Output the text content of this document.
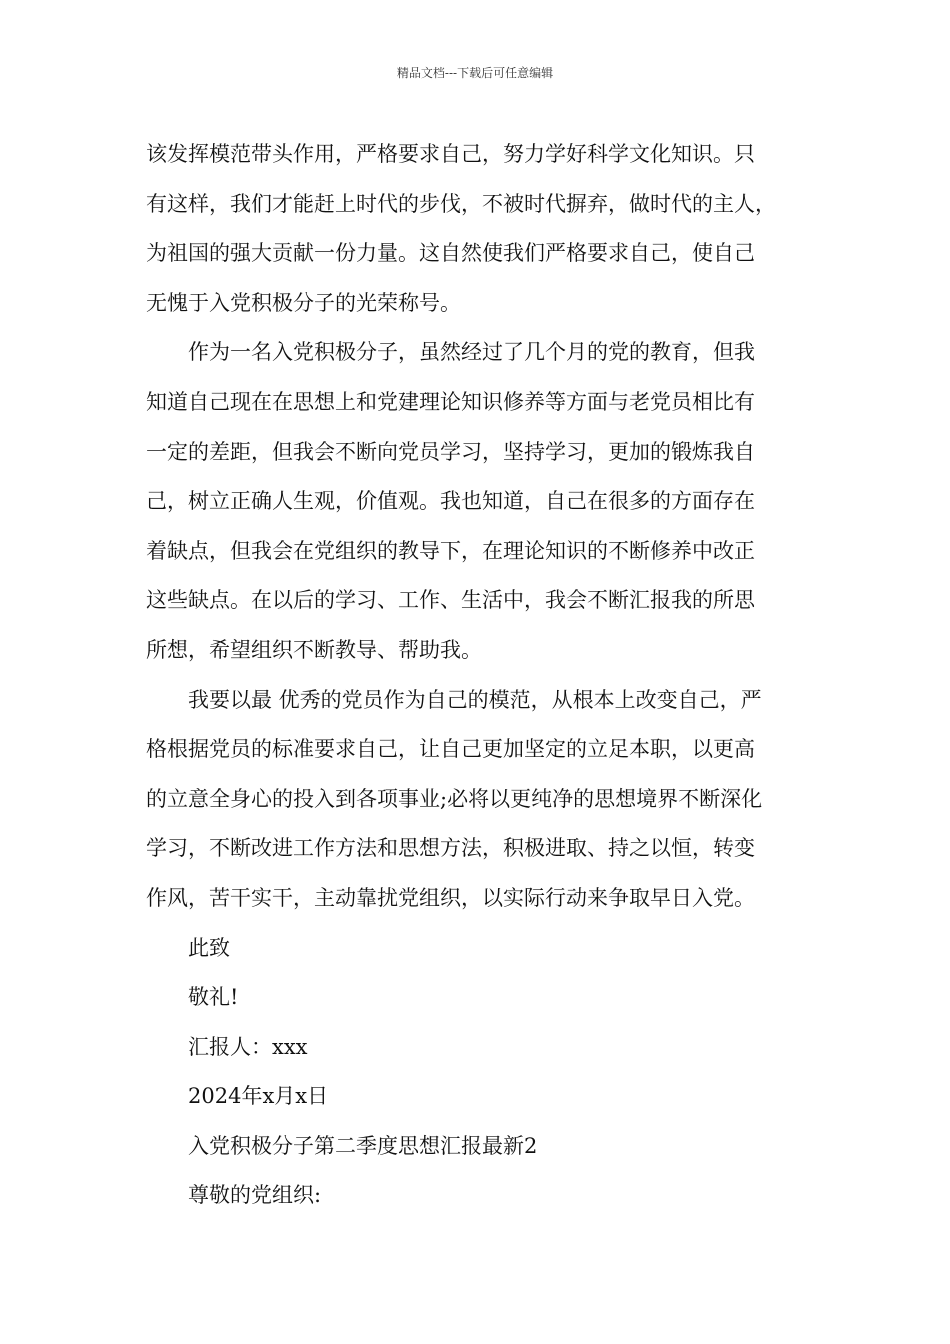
精品文档---下载后可任意编辑
该发挥模范带头作用，严格要求自己，努力学好科学文化知识。只
有这样，我们才能赶上时代的步伐，不被时代摒弃，做时代的主人，
为祖国的强大贡献一份力量。这自然使我们严格要求自己，使自己
无愧于入党积极分子的光荣称号。
作为一名入党积极分子，虽然经过了几个月的党的教育，但我
知道自己现在在思想上和党建理论知识修养等方面与老党员相比有
一定的差距，但我会不断向党员学习，坚持学习，更加的锻炼我自
己，树立正确人生观，价值观。我也知道，自己在很多的方面存在
着缺点，但我会在党组织的教导下，在理论知识的不断修养中改正
这些缺点。在以后的学习、工作、生活中，我会不断汇报我的所思
所想，希望组织不断教导、帮助我。
我要以最 优秀的党员作为自己的模范，从根本上改变自己，严
格根据党员的标准要求自己，让自己更加坚定的立足本职，以更高
的立意全身心的投入到各项事业;必将以更纯净的思想境界不断深化
学习，不断改进工作方法和思想方法，积极进取、持之以恒，转变
作风，苦干实干，主动靠扰党组织，以实际行动来争取早日入党。
此致
敬礼!
汇报人：xxx
2024年x月x日
入党积极分子第二季度思想汇报最新2
尊敬的党组织:
